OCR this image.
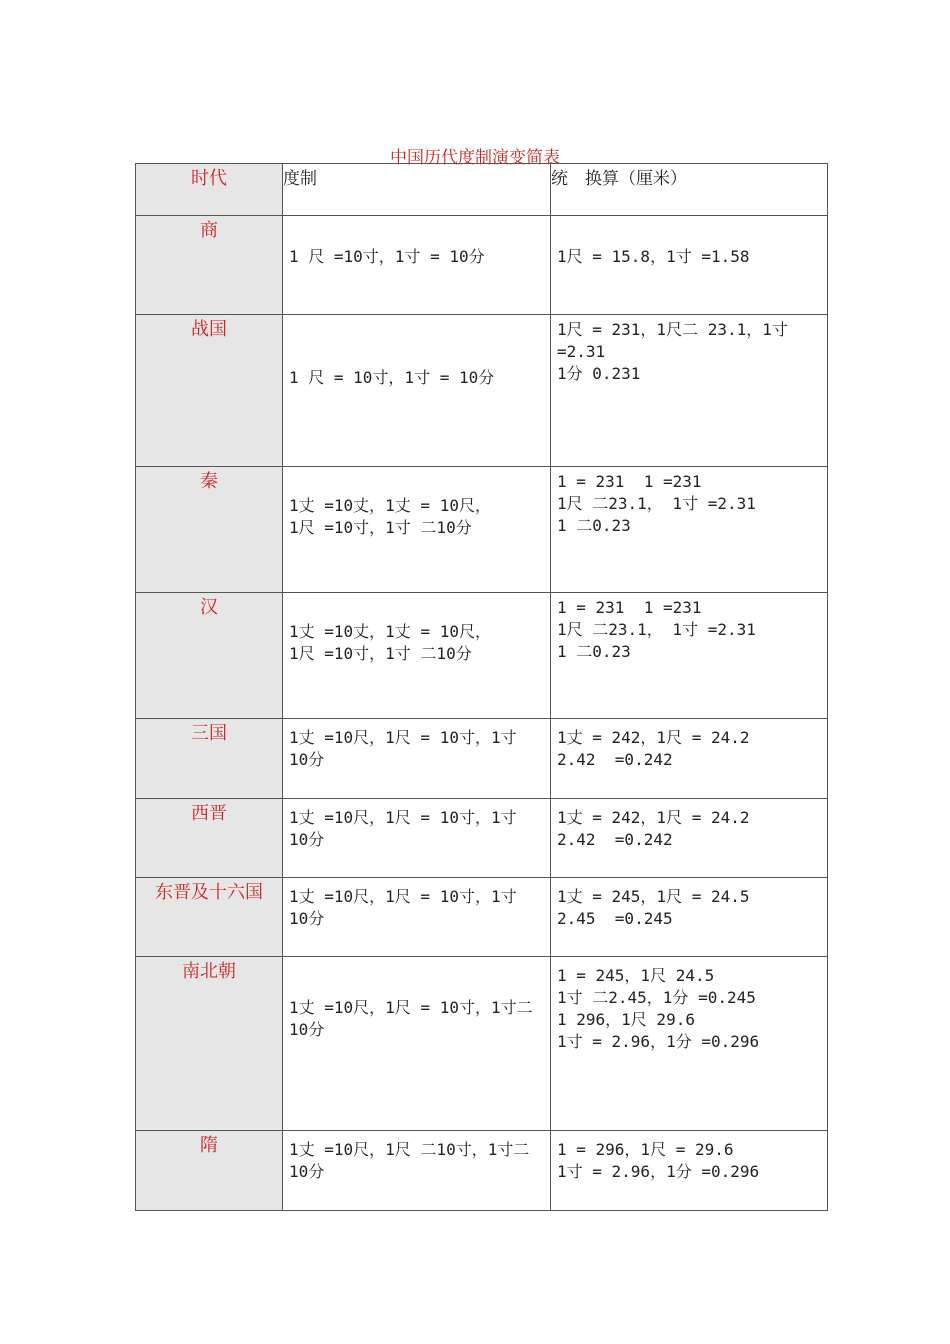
中国历代度制演变简表
时代	度制	统　换算（厘米）
商	1 尺 =10寸，1寸 = 10分	1尺 = 15.8，1寸 =1.58

战国	1 尺 = 10寸，1寸 = 10分	1尺 = 231，1尺二 23.1，1寸 =2.31
1分 0.231

秦	1丈 =10丈，1丈 = 10尺，
1尺 =10寸，1寸 二10分	1 = 231  1 =231
1尺 二23.1， 1寸 =2.31
1 二0.23

汉	1丈 =10丈，1丈 = 10尺，
1尺 =10寸，1寸 二10分	1 = 231  1 =231
1尺 二23.1， 1寸 =2.31
1 二0.23

三国	1丈 =10尺，1尺 = 10寸，1寸 10分	1丈 = 242，1尺 = 24.2
2.42  =0.242

西晋	1丈 =10尺，1尺 = 10寸，1寸 10分	1丈 = 242，1尺 = 24.2
2.42  =0.242

东晋及十六国	1丈 =10尺，1尺 = 10寸，1寸 10分	1丈 = 245，1尺 = 24.5
2.45  =0.245

南北朝	1丈 =10尺，1尺 = 10寸，1寸二 10分	1 = 245，1尺 24.5
1寸 二2.45，1分 =0.245
1 296，1尺 29.6
1寸 = 2.96，1分 =0.296

隋	1丈 =10尺，1尺 二10寸，1寸二 10分	1 = 296，1尺 = 29.6
1寸 = 2.96，1分 =0.296
